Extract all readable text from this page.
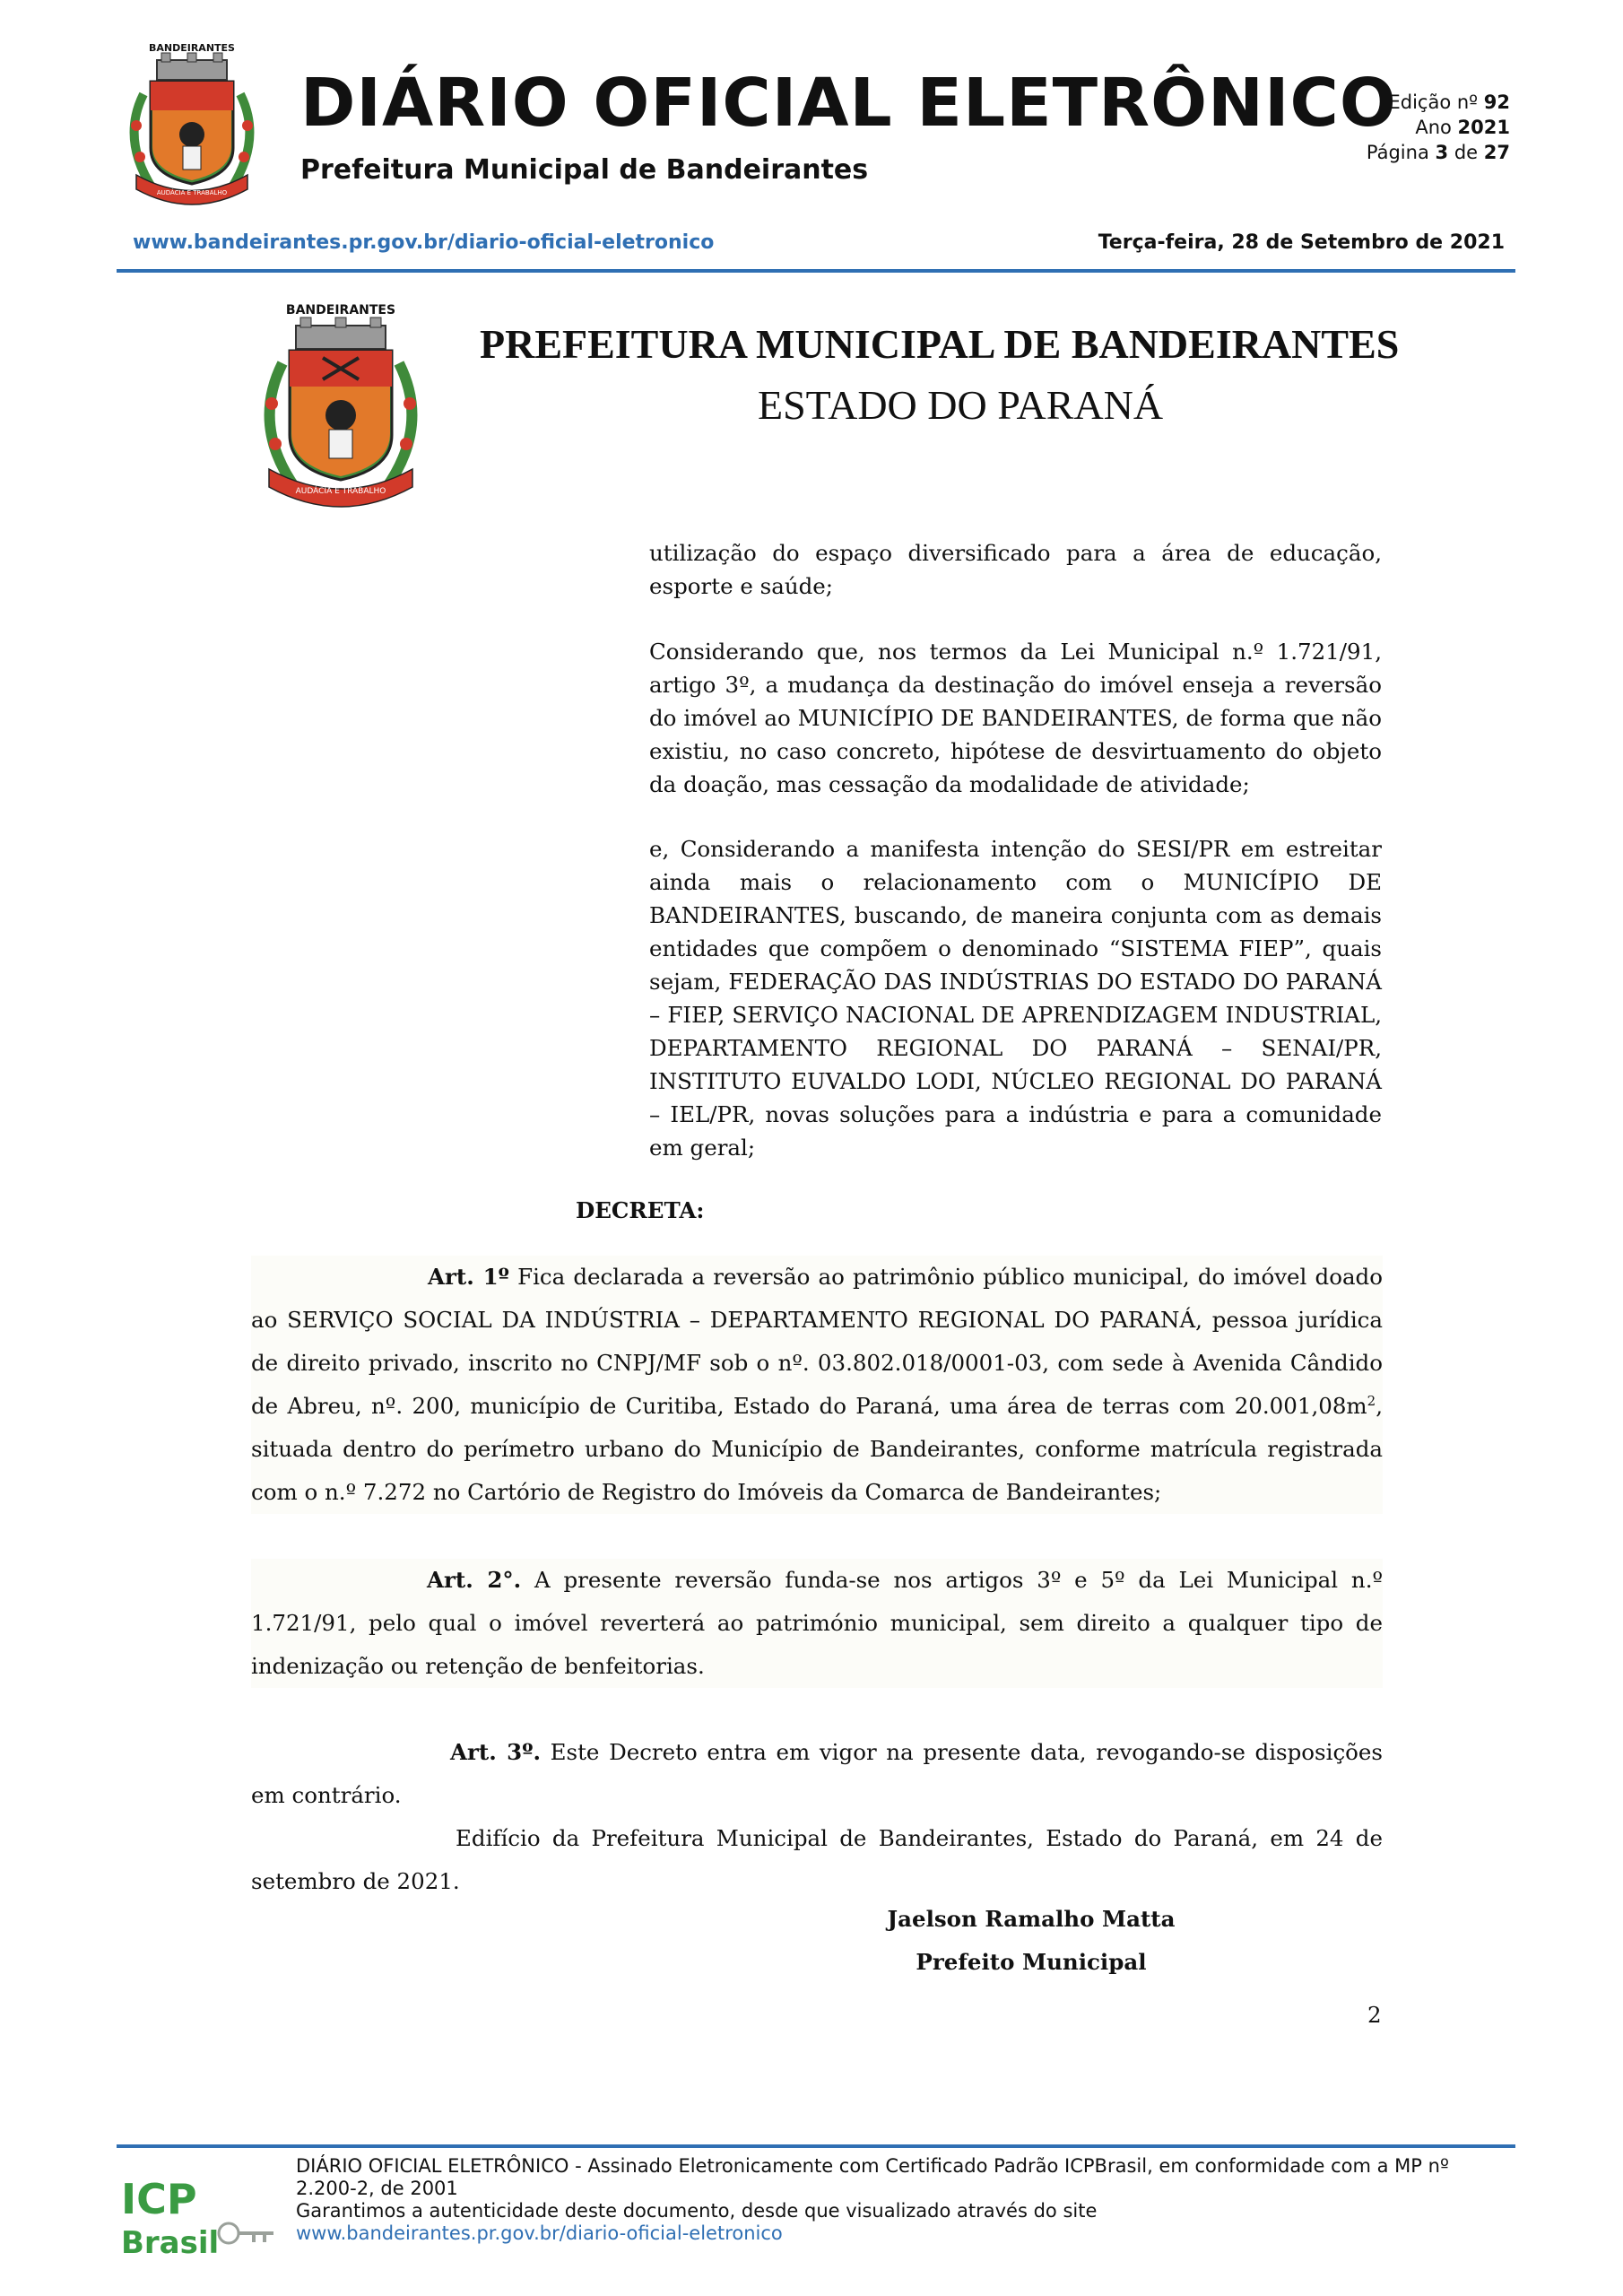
BANDEIRANTES
AUDÁCIA E TRABALHO
DIÁRIO OFICIAL ELETRÔNICO
Prefeitura Municipal de Bandeirantes
Edição nº 92
Ano 2021
Página 3 de 27
www.bandeirantes.pr.gov.br/diario-oficial-eletronico	Terça-feira, 28 de Setembro de 2021
BANDEIRANTES
AUDÁCIA E TRABALHO
PREFEITURA MUNICIPAL DE BANDEIRANTES
ESTADO DO PARANÁ

utilização do espaço diversificado para a área de educação, esporte e saúde;

Considerando que, nos termos da Lei Municipal n.º 1.721/91, artigo 3º, a mudança da destinação do imóvel enseja a reversão do imóvel ao MUNICÍPIO DE BANDEIRANTES, de forma que não existiu, no caso concreto, hipótese de desvirtuamento do objeto da doação, mas cessação da modalidade de atividade;

e, Considerando a manifesta intenção do SESI/PR em estreitar ainda mais o relacionamento com o MUNICÍPIO DE BANDEIRANTES, buscando, de maneira conjunta com as demais entidades que compõem o denominado “SISTEMA FIEP”, quais sejam, FEDERAÇÃO DAS INDÚSTRIAS DO ESTADO DO PARANÁ – FIEP, SERVIÇO NACIONAL DE APRENDIZAGEM INDUSTRIAL, DEPARTAMENTO REGIONAL DO PARANÁ – SENAI/PR, INSTITUTO EUVALDO LODI, NÚCLEO REGIONAL DO PARANÁ – IEL/PR, novas soluções para a indústria e para a comunidade em geral;

DECRETA:

Art. 1º Fica declarada a reversão ao patrimônio público municipal, do imóvel doado ao SERVIÇO SOCIAL DA INDÚSTRIA – DEPARTAMENTO REGIONAL DO PARANÁ, pessoa jurídica de direito privado, inscrito no CNPJ/MF sob o nº. 03.802.018/0001-03, com sede à Avenida Cândido de Abreu, nº. 200, município de Curitiba, Estado do Paraná, uma área de terras com $20.001,08m^2$, situada dentro do perímetro urbano do Município de Bandeirantes, conforme matrícula registrada com o n.º 7.272 no Cartório de Registro do Imóveis da Comarca de Bandeirantes;

Art. 2°. A presente reversão funda-se nos artigos 3º e 5º da Lei Municipal n.º 1.721/91, pelo qual o imóvel reverterá ao património municipal, sem direito a qualquer tipo de indenização ou retenção de benfeitorias.

Art. 3º. Este Decreto entra em vigor na presente data, revogando-se disposições em contrário.

Edifício da Prefeitura Municipal de Bandeirantes, Estado do Paraná, em 24 de setembro de 2021.

Jaelson Ramalho Matta
Prefeito Municipal
2
ICP
Brasil
DIÁRIO OFICIAL ELETRÔNICO - Assinado Eletronicamente com Certificado Padrão ICPBrasil, em conformidade com a MP nº
2.200-2, de 2001
Garantimos a autenticidade deste documento, desde que visualizado através do site
www.bandeirantes.pr.gov.br/diario-oficial-eletronico
